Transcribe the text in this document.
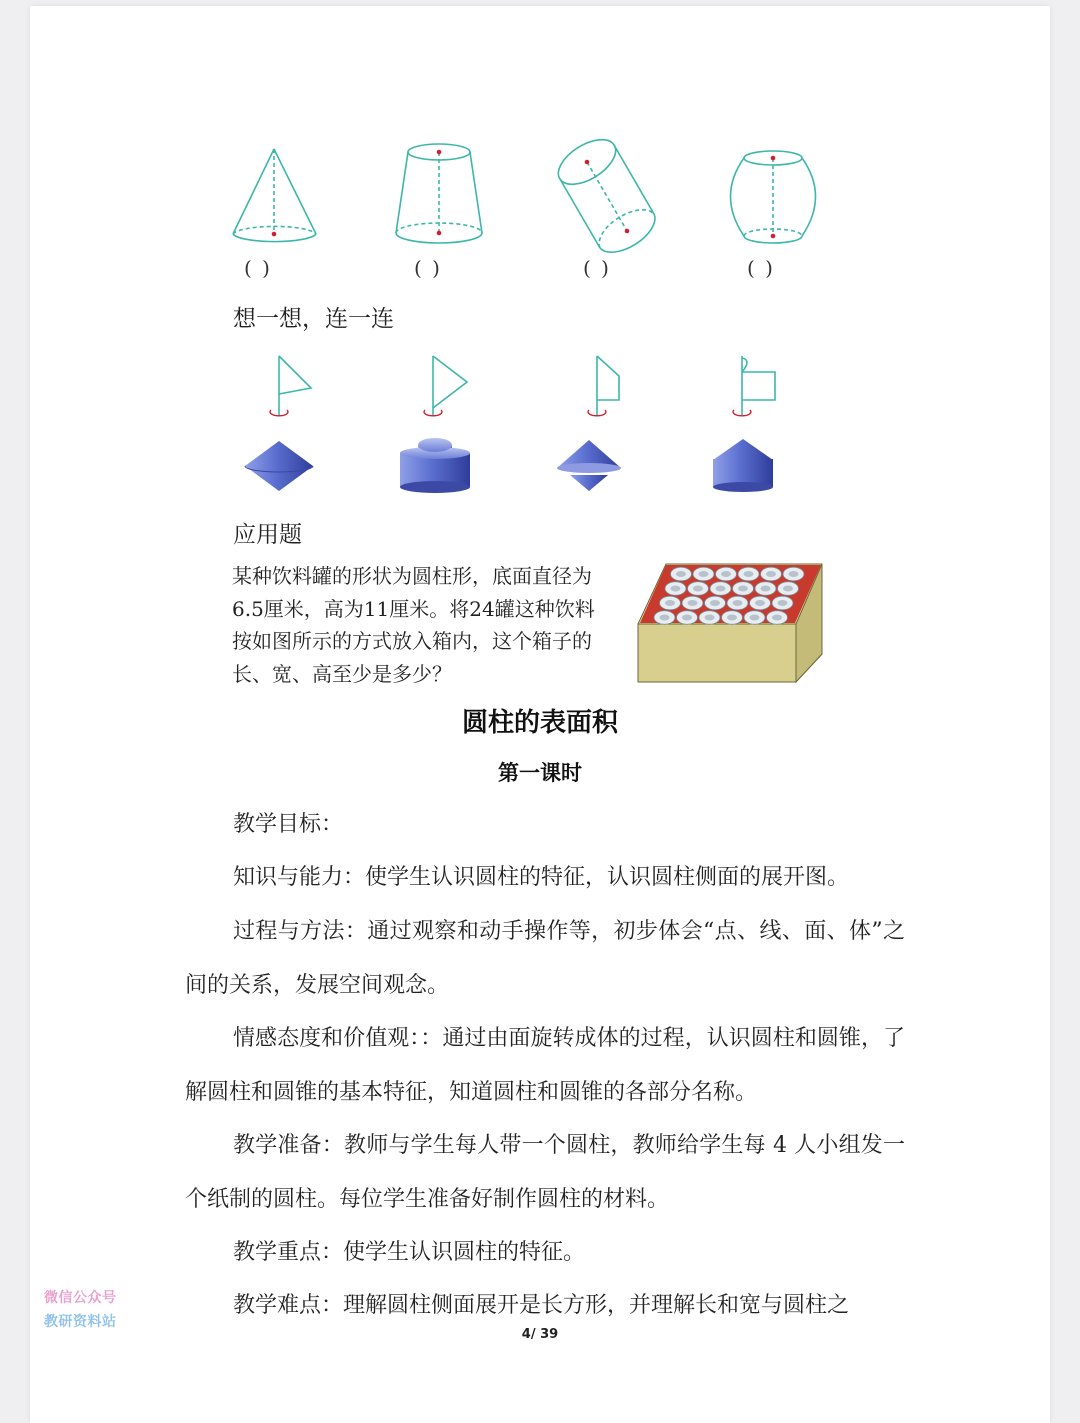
( )	( )	( )	( )
想一想，连一连
应用题
某种饮料罐的形状为圆柱形，底面直径为6.5厘米，高为11厘米。将24罐这种饮料按如图所示的方式放入箱内，这个箱子的长、宽、高至少是多少？
圆柱的表面积
第一课时
教学目标：
知识与能力：使学生认识圆柱的特征，认识圆柱侧面的展开图。
过程与方法：通过观察和动手操作等，初步体会“点、线、面、体”之间的关系，发展空间观念。
情感态度和价值观：：通过由面旋转成体的过程，认识圆柱和圆锥，了解圆柱和圆锥的基本特征，知道圆柱和圆锥的各部分名称。
教学准备：教师与学生每人带一个圆柱，教师给学生每 4 人小组发一个纸制的圆柱。每位学生准备好制作圆柱的材料。
教学重点：使学生认识圆柱的特征。
教学难点：理解圆柱侧面展开是长方形，并理解长和宽与圆柱之
微信公众号
教研资料站
4/ 39
